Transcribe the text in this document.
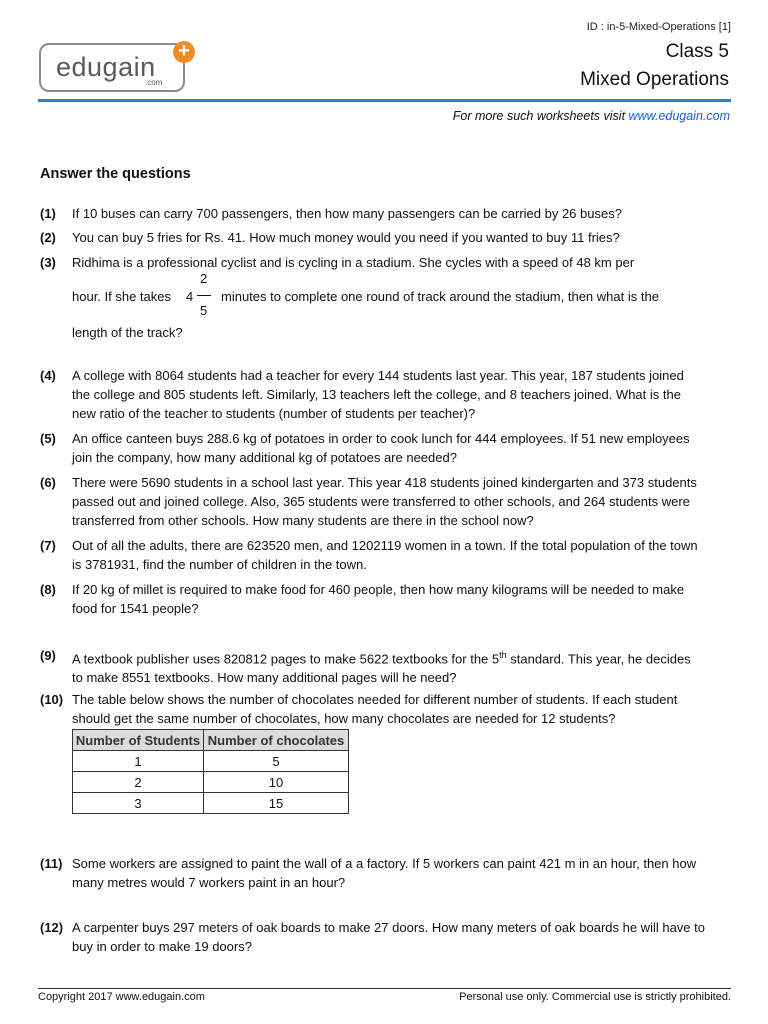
edugain
.com
+
ID : in-5-Mixed-Operations [1]
Class 5
Mixed Operations
For more such worksheets visit www.edugain.com
Answer the questions
(1) If 10 buses can carry 700 passengers, then how many passengers can be carried by 26 buses?
(2) You can buy 5 fries for Rs. 41. How much money would you need if you wanted to buy 11 fries?
(3) Ridhima is a professional cyclist and is cycling in a stadium. She cycles with a speed of 48 km per
hour. If she takes 4
2
5
minutes to complete one round of track around the stadium, then what is the
length of the track?
(4) A college with 8064 students had a teacher for every 144 students last year. This year, 187 students joined the college and 805 students left. Similarly, 13 teachers left the college, and 8 teachers joined. What is the new ratio of the teacher to students (number of students per teacher)?
(5) An office canteen buys 288.6 kg of potatoes in order to cook lunch for 444 employees. If 51 new employees join the company, how many additional kg of potatoes are needed?
(6) There were 5690 students in a school last year. This year 418 students joined kindergarten and 373 students passed out and joined college. Also, 365 students were transferred to other schools, and 264 students were transferred from other schools. How many students are there in the school now?
(7) Out of all the adults, there are 623520 men, and 1202119 women in a town. If the total population of the town is 3781931, find the number of children in the town.
(8) If 20 kg of millet is required to make food for 460 people, then how many kilograms will be needed to make food for 1541 people?
(9) A textbook publisher uses 820812 pages to make 5622 textbooks for the 5th standard. This year, he decides to make 8551 textbooks. How many additional pages will he need?
(10) The table below shows the number of chocolates needed for different number of students. If each student should get the same number of chocolates, how many chocolates are needed for 12 students?
Number of Students	Number of chocolates
1	5
2	10
3	15
(11) Some workers are assigned to paint the wall of a a factory. If 5 workers can paint 421 m in an hour, then how many metres would 7 workers paint in an hour?
(12) A carpenter buys 297 meters of oak boards to make 27 doors. How many meters of oak boards he will have to buy in order to make 19 doors?
Copyright 2017 www.edugain.com	Personal use only. Commercial use is strictly prohibited.
